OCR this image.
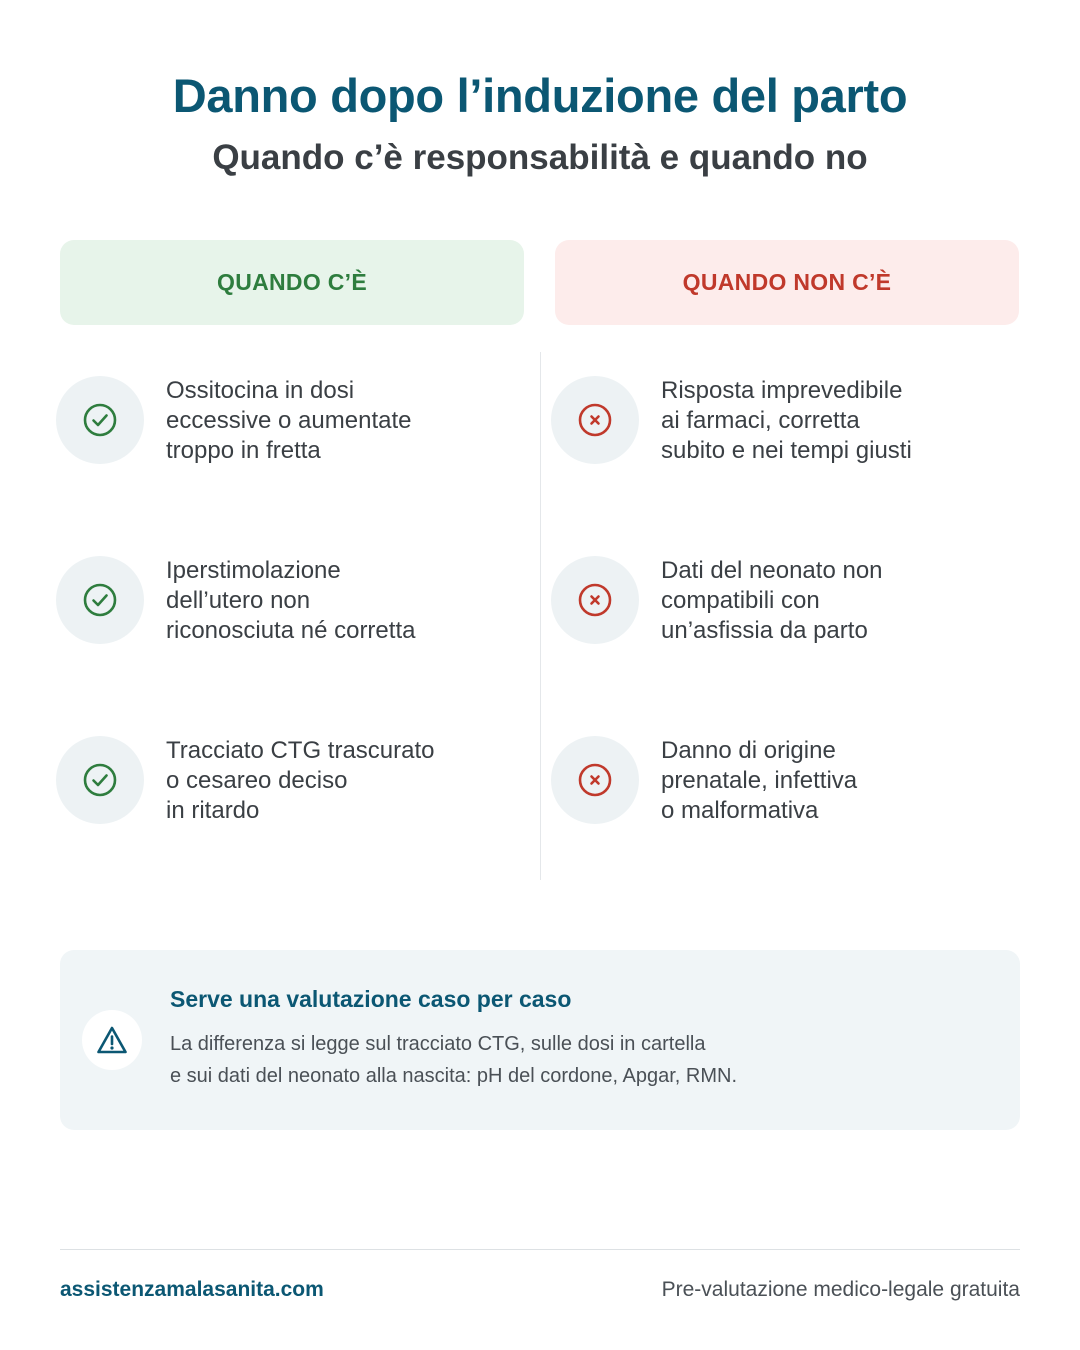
Danno dopo l’induzione del parto
Quando c’è responsabilità e quando no
QUANDO C’È	QUANDO NON C’È
Ossitocina in dosi
eccessive o aumentate
troppo in fretta
Iperstimolazione
dell’utero non
riconosciuta né corretta
Tracciato CTG trascurato
o cesareo deciso
in ritardo
Risposta imprevedibile
ai farmaci, corretta
subito e nei tempi giusti
Dati del neonato non
compatibili con
un’asfissia da parto
Danno di origine
prenatale, infettiva
o malformativa
Serve una valutazione caso per caso
La differenza si legge sul tracciato CTG, sulle dosi in cartella
e sui dati del neonato alla nascita: pH del cordone, Apgar, RMN.
assistenzamalasanita.com	Pre-valutazione medico-legale gratuita
